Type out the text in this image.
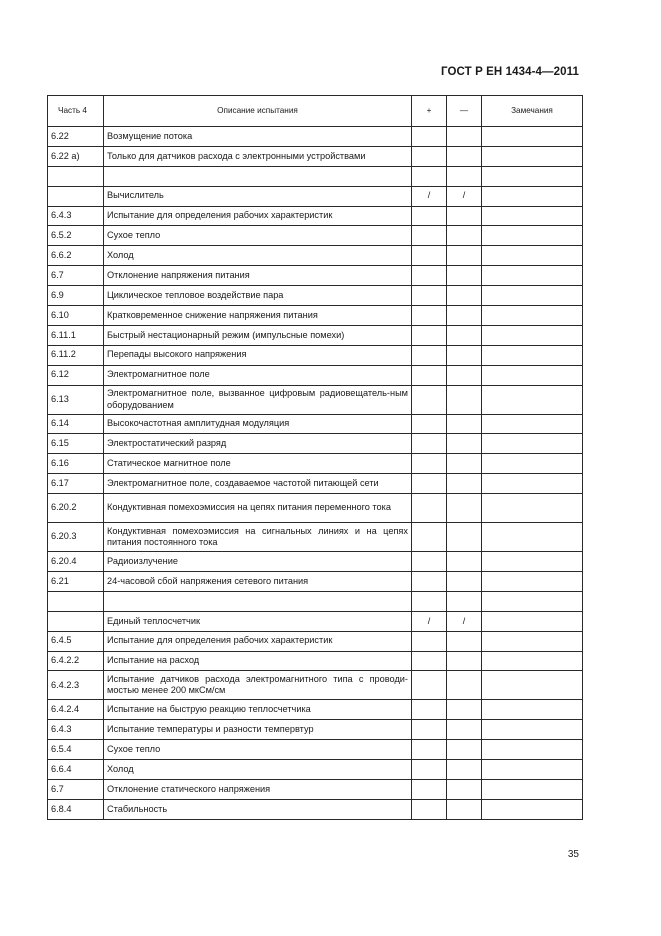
ГОСТ Р ЕН 1434-4—2011
Часть 4	Описание испытания	+	—	Замечания
6.22	Возмущение потока			
6.22 а)	Только для датчиков расхода с электронными устройствами			

	Вычислитель	/	/	
6.4.3	Испытание для определения рабочих характеристик			
6.5.2	Сухое тепло			
6.6.2	Холод			
6.7	Отклонение напряжения питания			
6.9	Циклическое тепловое воздействие пара			
6.10	Кратковременное снижение напряжения питания			
6.11.1	Быстрый нестационарный режим (импульсные помехи)			
6.11.2	Перепады высокого напряжения			
6.12	Электромагнитное поле			
6.13	Электромагнитное поле, вызванное цифровым радиовещатель-ным оборудованием			
6.14	Высокочастотная амплитудная модуляция			
6.15	Электростатический разряд			
6.16	Статическое магнитное поле			
6.17	Электромагнитное поле, создаваемое частотой питающей сети			
6.20.2	Кондуктивная помехоэмиссия на цепях питания переменного тока			
6.20.3	Кондуктивная помехоэмиссия на сигнальных линиях и на цепях питания постоянного тока			
6.20.4	Радиоизлучение			
6.21	24-часовой сбой напряжения сетевого питания			

	Единый теплосчетчик	/	/	
6.4.5	Испытание для определения рабочих характеристик			
6.4.2.2	Испытание на расход			
6.4.2.3	Испытание датчиков расхода электромагнитного типа с проводи-мостью менее 200 мкСм/см			
6.4.2.4	Испытание на быструю реакцию теплосчетчика			
6.4.3	Испытание температуры и разности темпервтур			
6.5.4	Сухое тепло			
6.6.4	Холод			
6.7	Отклонение статического напряжения			
6.8.4	Стабильность			
35
